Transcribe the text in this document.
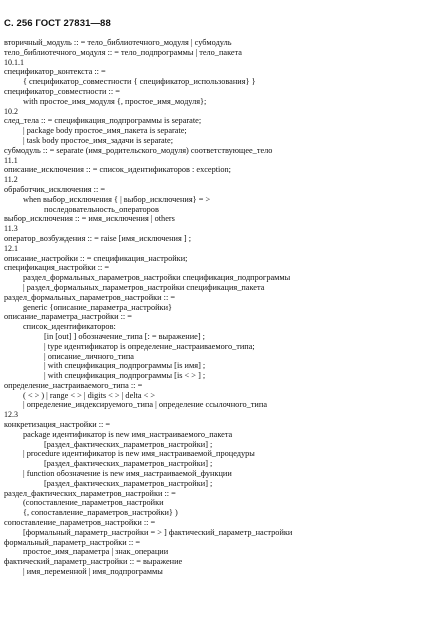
С. 256 ГОСТ 27831—88
вторичный_модуль :: = тело_библиотечного_модуля | субмодуль
тело_библиотечного_модуля :: = тело_подпрограммы | тело_пакета
10.1.1
спецификатор_контекста :: =
{ спецификатор_совместности { спецификатор_использования} }
спецификатор_совместности :: =
with простое_имя_модуля {, простое_имя_модуля};
10.2
след_тела :: = спецификация_подпрограммы is separate;
| package body простое_имя_пакета is separate;
| task body простое_имя_задачи is separate;
субмодуль :: = separate (имя_родительского_модуля) соответствующее_тело
11.1
описание_исключения :: = список_идентификаторов : exception;
11.2
обработчик_исключения :: =
when выбор_исключения { | выбор_исключения} = >
последовательность_операторов
выбор_исключения :: = имя_исключения | others
11.3
оператор_возбуждения :: = raise [имя_исключения ] ;
12.1
описание_настройки :: = спецификация_настройки;
спецификация_настройки :: =
раздел_формальных_параметров_настройки спецификация_подпрограммы
| раздел_формальных_параметров_настройки спецификация_пакета
раздел_формальных_параметров_настройки :: =
generic {описание_параметра_настройки}
описание_параметра_настройки :: =
список_идентификаторов:
[in [out] ] обозначение_типа [: = выражение] ;
| type идентификатор is определение_настраиваемого_типа;
| описание_личного_типа
| with спецификация_подпрограммы [is имя] ;
| with спецификация_подпрограммы [is < > ] ;
определение_настраиваемого_типа :: =
( < > ) | range < > | digits < > | delta < >
| определение_индексируемого_типа | определение ссылочного_типа
12.3
конкретизация_настройки :: =
package идентификатор is new имя_настраиваемого_пакета
[раздел_фактических_параметров_настройки] ;
| procedure идентификатор is new имя_настраиваемой_процедуры
[раздел_фактических_параметров_настройки] ;
| function обозначение is new имя_настраиваемой_функции
[раздел_фактических_параметров_настройки] ;
раздел_фактических_параметров_настройки :: =
(сопоставление_параметров_настройки
{, сопоставление_параметров_настройки} )
сопоставление_параметров_настройки :: =
[формальный_параметр_настройки = > ] фактический_параметр_настройки
формальный_параметр_настройки :: =
простое_имя_параметра | знак_операции
фактический_параметр_настройки :: = выражение
| имя_переменной | имя_подпрограммы
